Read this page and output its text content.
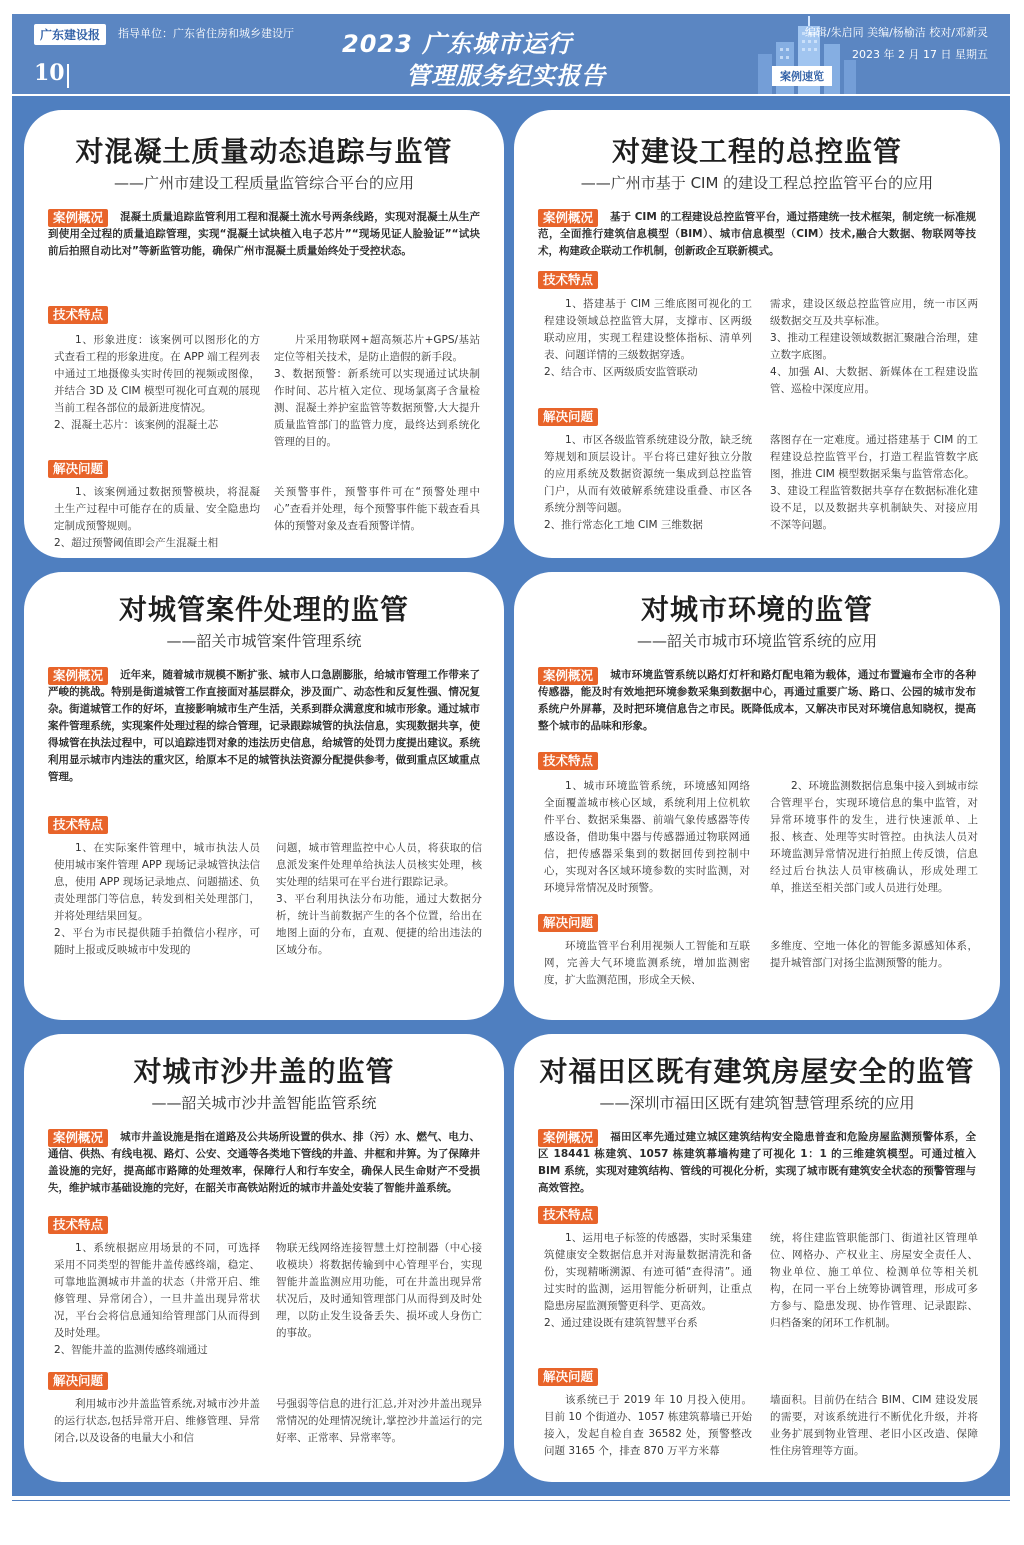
广东建设报	指导单位：广东省住房和城乡建设厅
10
2023 广东城市运行
管理服务纪实报告
编辑/朱启同 美编/杨榆洁 校对/邓新灵
2023 年 2 月 17 日 星期五
案例速览
对混凝土质量动态追踪与监管
——广州市建设工程质量监管综合平台的应用
案例概况	混凝土质量追踪监管利用工程和混凝土流水号两条线路，实现对混凝土从生产到使用全过程的质量追踪管理，实现“混凝土试块植入电子芯片”“现场见证人脸验证”“试块前后拍照自动比对”等新监管功能，确保广州市混凝土质量始终处于受控状态。
技术特点
1、形象进度：该案例可以图形化的方式查看工程的形象进度。在 APP 端工程列表中通过工地摄像头实时传回的视频或图像，并结合 3D 及 CIM 模型可视化可直观的展现当前工程各部位的最新进度情况。
2、混凝土芯片：该案例的混凝土芯
片采用物联网+超高频芯片+GPS/基站定位等相关技术，是防止造假的新手段。
3、数据预警：新系统可以实现通过试块制作时间、芯片植入定位、现场氯离子含量检测、混凝土养护室监管等数据预警,大大提升质量监管部门的监管力度，最终达到系统化管理的目的。
解决问题
1、该案例通过数据预警模块，将混凝土生产过程中可能存在的质量、安全隐患均定制成预警规则。
2、超过预警阈值即会产生混凝土相
关预警事件，预警事件可在“预警处理中心”查看并处理，每个预警事件能下载查看具体的预警对象及查看预警详情。
对建设工程的总控监管
——广州市基于 CIM 的建设工程总控监管平台的应用
案例概况	基于 CIM 的工程建设总控监管平台，通过搭建统一技术框架，制定统一标准规范，全面推行建筑信息模型（BIM）、城市信息模型（CIM）技术,融合大数据、物联网等技术，构建政企联动工作机制，创新政企互联新模式。
技术特点
1、搭建基于 CIM 三维底图可视化的工程建设领域总控监管大屏，支撑市、区两级联动应用，实现工程建设整体指标、清单列表、问题详情的三级数据穿透。
2、结合市、区两级质安监管联动
需求，建设区级总控监管应用，统一市区两级数据交互及共享标准。
3、推动工程建设领域数据汇聚融合治理，建立数字底图。
4、加强 AI、大数据、新媒体在工程建设监管、巡检中深度应用。
解决问题
1、市区各级监管系统建设分散，缺乏统筹规划和顶层设计。平台将已建好独立分散的应用系统及数据资源统一集成到总控监管门户，从而有效破解系统建设重叠、市区各系统分割等问题。
2、推行常态化工地 CIM 三维数据
落图存在一定难度。通过搭建基于 CIM 的工程建设总控监管平台，打造工程监管数字底图，推进 CIM 模型数据采集与监管常态化。
3、建设工程监管数据共享存在数据标准化建设不足，以及数据共享机制缺失、对接应用不深等问题。
对城管案件处理的监管
——韶关市城管案件管理系统
案例概况	近年来，随着城市规模不断扩张、城市人口急剧膨胀，给城市管理工作带来了严峻的挑战。特别是街道城管工作直接面对基层群众，涉及面广、动态性和反复性强、情况复杂。街道城管工作的好坏，直接影响城市生产生活，关系到群众满意度和城市形象。通过城市案件管理系统，实现案件处理过程的综合管理，记录跟踪城管的执法信息，实现数据共享，使得城管在执法过程中，可以追踪违罚对象的违法历史信息，给城管的处罚力度提出建议。系统利用显示城市内违法的重灾区，给原本不足的城管执法资源分配提供参考，做到重点区域重点管理。
技术特点
1、在实际案件管理中，城市执法人员使用城市案件管理 APP 现场记录城管执法信息，使用 APP 现场记录地点、问题描述、负责处理部门等信息，转发到相关处理部门，并将处理结果回复。
2、平台为市民提供随手拍微信小程序，可随时上报或反映城市中发现的
问题，城市管理监控中心人员，将获取的信息派发案件处理单给执法人员核实处理，核实处理的结果可在平台进行跟踪记录。
3、平台利用执法分布功能，通过大数据分析，统计当前数据产生的各个位置，给出在地图上面的分布，直观、便捷的给出违法的区域分布。
对城市环境的监管
——韶关市城市环境监管系统的应用
案例概况	城市环境监管系统以路灯灯杆和路灯配电箱为载体，通过布置遍布全市的各种传感器，能及时有效地把环境参数采集到数据中心，再通过重要广场、路口、公园的城市发布系统户外屏幕，及时把环境信息告之市民。既降低成本，又解决市民对环境信息知晓权，提高整个城市的品味和形象。
技术特点
1、城市环境监管系统，环境感知网络全面覆盖城市核心区域，系统利用上位机软件平台、数据采集器、前端气象传感器等传感设备，借助集中器与传感器通过物联网通信，把传感器采集到的数据回传到控制中心，实现对各区域环境参数的实时监测，对环境异常情况及时预警。
2、环境监测数据信息集中接入到城市综合管理平台，实现环境信息的集中监管，对异常环境事件的发生，进行快速派单、上报、核查、处理等实时管控。由执法人员对环境监测异常情况进行拍照上传反馈，信息经过后台执法人员审核确认，形成处理工单，推送至相关部门或人员进行处理。
解决问题
环境监管平台利用视频人工智能和互联网，完善大气环境监测系统，增加监测密度，扩大监测范围，形成全天候、
多维度、空地一体化的智能多源感知体系，提升城管部门对扬尘监测预警的能力。
对城市沙井盖的监管
——韶关城市沙井盖智能监管系统
案例概况	城市井盖设施是指在道路及公共场所设置的供水、排（污）水、燃气、电力、通信、供热、有线电视、路灯、公安、交通等各类地下管线的井盖、井框和井箅。为了保障井盖设施的完好，提高邮市路障的处理效率，保障行人和行车安全，确保人民生命财产不受损失，维护城市基础设施的完好，在韶关市高铁站附近的城市井盖处安装了智能井盖系统。
技术特点
1、系统根据应用场景的不同，可选择采用不同类型的智能井盖传感终端，稳定、可靠地监测城市井盖的状态（井常开启、维修管理、异常闭合），一旦井盖出现异常状况，平台会将信息通知给管理部门从而得到及时处理。
2、智能井盖的监测传感终端通过
物联无线网络连接智慧土灯控制器（中心接收模块）将数据传输到中心管理平台，实现智能井盖监测应用功能，可在井盖出现异常状况后，及时通知管理部门从而得到及时处理，以防止发生设备丢失、损坏或人身伤亡的事故。
解决问题
利用城市沙井盖监管系统,对城市沙井盖的运行状态,包括异常开启、维修管理、异常闭合,以及设备的电量大小和信
号强弱等信息的进行汇总,并对沙井盖出现异常情况的处理情况统计,掌控沙井盖运行的完好率、正常率、异常率等。
对福田区既有建筑房屋安全的监管
——深圳市福田区既有建筑智慧管理系统的应用
案例概况	福田区率先通过建立城区建筑结构安全隐患普查和危险房屋监测预警体系，全区 18441 栋建筑、1057 栋建筑幕墙构建了可视化 1：1 的三维建筑模型。可通过植入 BIM 系统，实现对建筑结构、管线的可视化分析，实现了城市既有建筑安全状态的预警管理与高效管控。
技术特点
1、运用电子标签的传感器，实时采集建筑健康安全数据信息并对海量数据清洗和备份，实现精晰溯源、有迹可循“查得清”。通过实时的监测，运用智能分析研判，让重点隐患房屋监测预警更科学、更高效。
2、通过建设既有建筑智慧平台系
统，将住建监管职能部门、街道社区管理单位、网格办、产权业主、房屋安全责任人、物业单位、施工单位、检测单位等相关机构，在同一平台上统筹协调管理，形成可多方参与、隐患发现、协作管理、记录跟踪、归档备案的闭环工作机制。
解决问题
该系统已于 2019 年 10 月投入使用。目前 10 个街道办、1057 栋建筑幕墙已开始接入，发起自检自查 36582 处，预警整改问题 3165 个，排查 870 万平方米幕
墙面积。目前仍在结合 BIM、CIM 建设发展的需要，对该系统进行不断优化升级，并将业务扩展到物业管理、老旧小区改造、保障性住房管理等方面。
